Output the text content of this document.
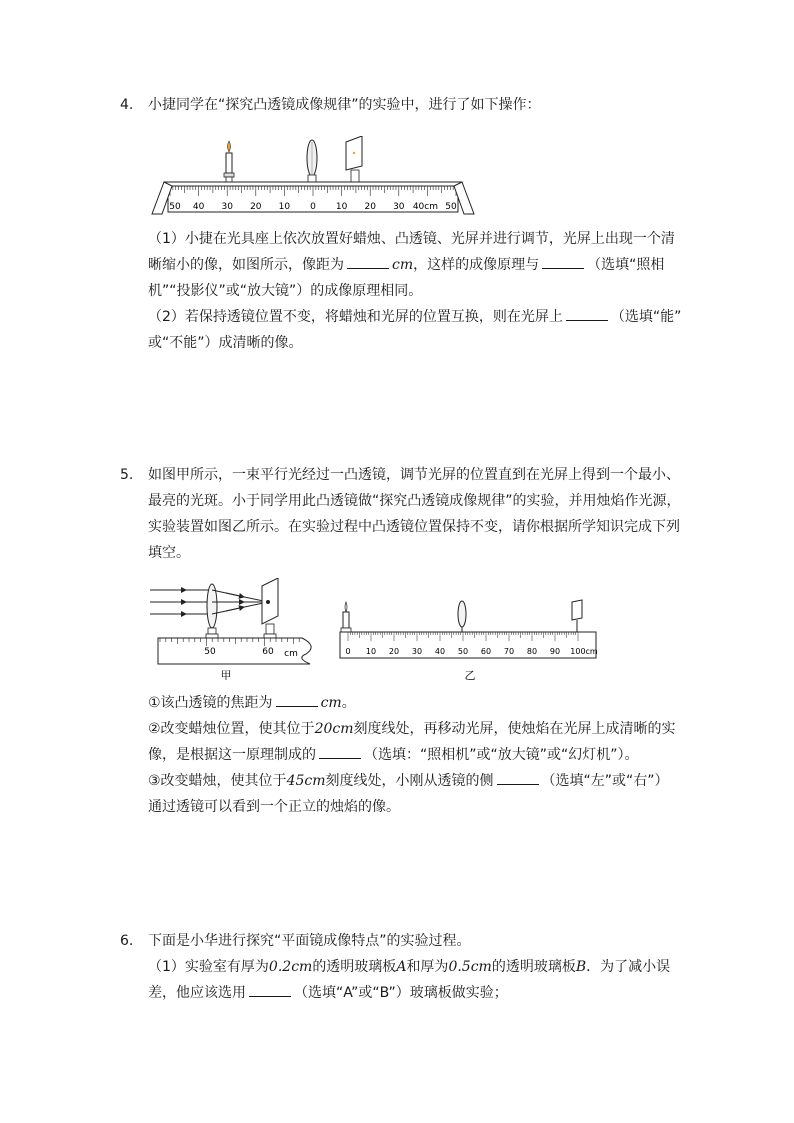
4. 小捷同学在“探究凸透镜成像规律”的实验中，进行了如下操作：
50 40 30 20 10 0 10 20 30 40cm 50
（1）小捷在光具座上依次放置好蜡烛、凸透镜、光屏并进行调节，光屏上出现一个清
晰缩小的像，如图所示，像距为	cm，这样的成像原理与	（选填“照相
机”“投影仪”或“放大镜”）的成像原理相同。
（2）若保持透镜位置不变，将蜡烛和光屏的位置互换，则在光屏上	（选填“能”
或“不能”）成清晰的像。
5. 如图甲所示，一束平行光经过一凸透镜，调节光屏的位置直到在光屏上得到一个最小、
最亮的光斑。小于同学用此凸透镜做“探究凸透镜成像规律”的实验，并用烛焰作光源，
实验装置如图乙所示。在实验过程中凸透镜位置保持不变，请你根据所学知识完成下列
填空。
50	60 cm
甲
0 10 20 30 40 50 60 70 80 90 100cm
乙
①该凸透镜的焦距为	cm。
②改变蜡烛位置，使其位于20cm刻度线处，再移动光屏，使烛焰在光屏上成清晰的实
像，是根据这一原理制成的	（选填：“照相机”或“放大镜”或“幻灯机”）。
③改变蜡烛，使其位于45cm刻度线处，小刚从透镜的侧	（选填“左”或“右”）
通过透镜可以看到一个正立的烛焰的像。
6. 下面是小华进行探究“平面镜成像特点”的实验过程。
（1）实验室有厚为0.2cm的透明玻璃板A和厚为0.5cm的透明玻璃板B．为了减小误
差，他应该选用	（选填“A”或“B”）玻璃板做实验；
